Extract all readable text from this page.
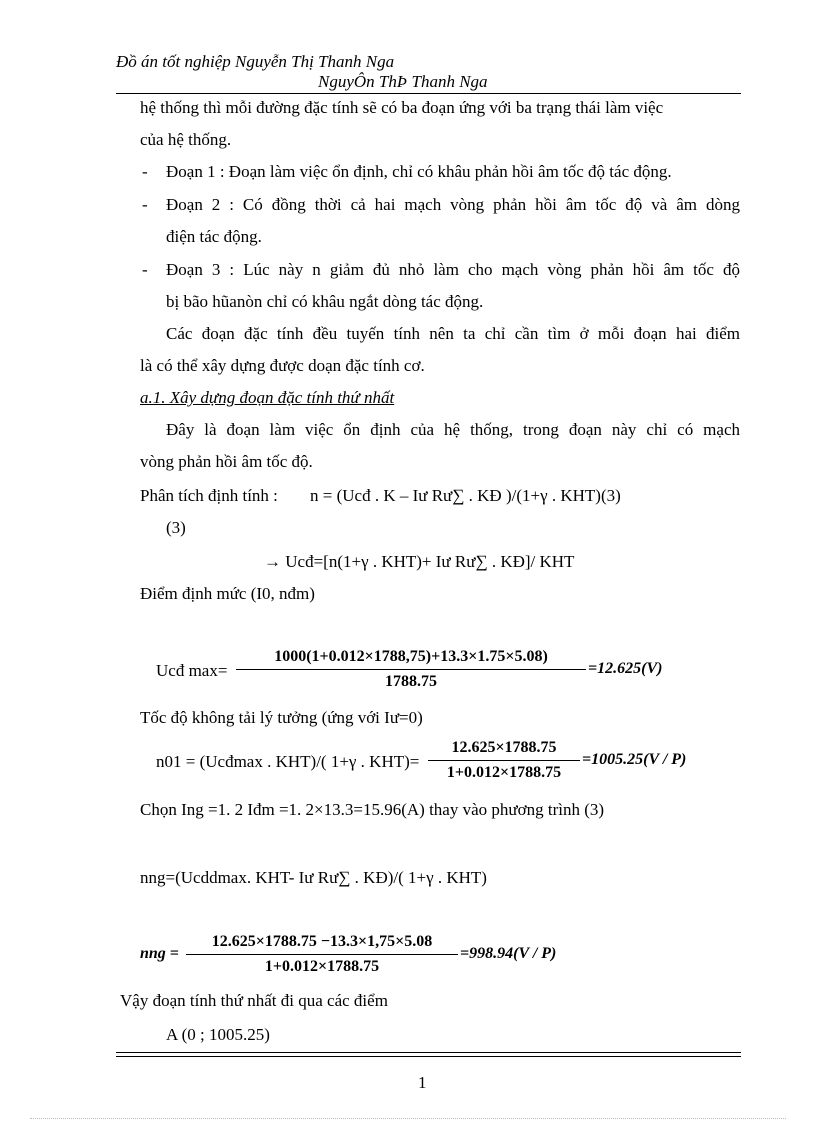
Đồ án tốt nghiệp Nguyễn Thị Thanh Nga
NguyÔn ThÞ Thanh Nga
hệ thống thì mỗi đường đặc tính sẽ có ba đoạn ứng với ba trạng thái làm việc
của hệ thống.
- Đoạn 1 : Đoạn làm việc ổn định, chỉ có khâu phản hồi âm tốc độ tác động.
- Đoạn 2 : Có đồng thời cả hai mạch vòng phản hồi âm tốc độ và âm dòng
điện tác động.
- Đoạn 3 : Lúc này n giảm đủ nhỏ làm cho mạch vòng phản hồi âm tốc độ
bị bão hũanòn chỉ có khâu ngắt dòng tác động.
Các đoạn đặc tính đều tuyến tính nên ta chỉ cần tìm ở mỗi đoạn hai điểm
là có thể xây dựng được doạn đặc tính cơ.
a.1. Xây dựng đoạn đặc tính thứ nhất
Đây là đoạn làm việc ổn định của hệ thống, trong đoạn này chỉ có mạch
vòng phản hồi âm tốc độ.
Phân tích định tính : n = (Ucđ . K – Iư Rư∑ . KĐ )/(1+γ . KHT)(3)
(3)
→ Ucđ=[n(1+γ . KHT)+ Iư Rư∑ . KĐ]/ KHT
Điểm định mức (I0, nđm)
Ucđ max=
1000(1+0.012×1788,75)+13.3×1.75×5.08)
1788.75
=12.625(V)
Tốc độ không tải lý tưởng (ứng với Iư=0)
n01 = (Ucđmax . KHT)/( 1+γ . KHT)=
12.625×1788.75
1+0.012×1788.75
=1005.25(V / P)
Chọn Ing =1. 2 Iđm =1. 2×13.3=15.96(A) thay vào phương trình (3)
nng=(Ucddmax. KHT- Iư Rư∑ . KĐ)/( 1+γ . KHT)
nng =
12.625×1788.75 −13.3×1,75×5.08
1+0.012×1788.75
=998.94(V / P)
Vậy đoạn tính thứ nhất đi qua các điểm
A (0 ; 1005.25)
1
